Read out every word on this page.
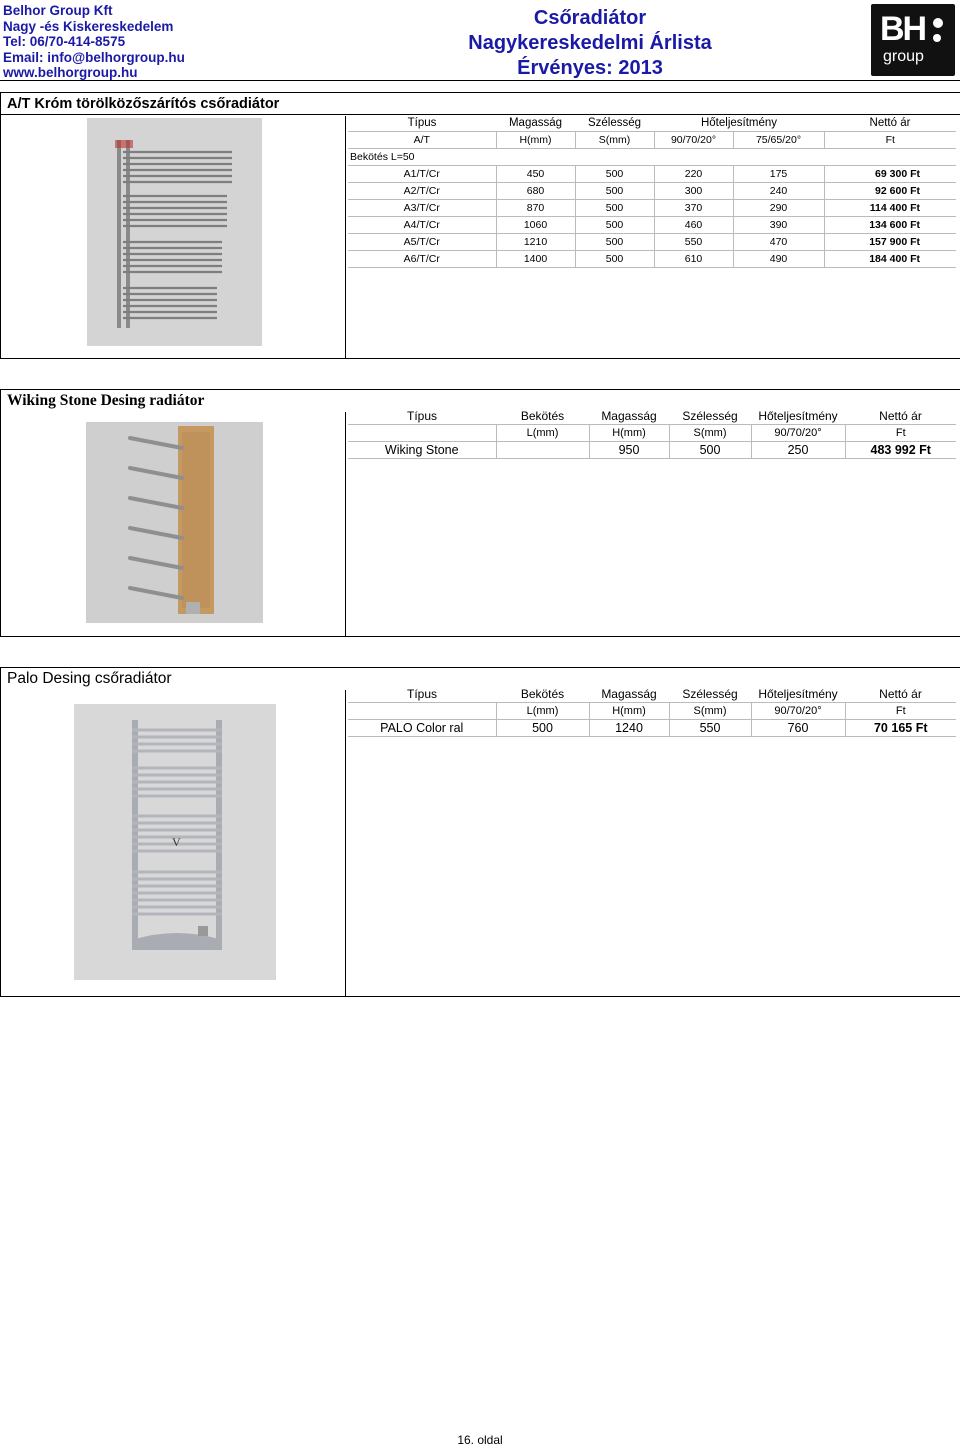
Belhor Group Kft
Nagy -és Kiskereskedelem
Tel: 06/70-414-8575
Email: info@belhorgroup.hu
www.belhorgroup.hu
Csőradiátor
Nagykereskedelmi Árlista
Érvényes: 2013
BH
group
A/T Króm törölközőszárítós csőradiátor
Típus	Magasság	Szélesség	Hőteljesítmény		Nettó ár
A/T	H(mm)	S(mm)	90/70/20°	75/65/20°	Ft
Bekötés L=50					
A1/T/Cr	450	500	220	175	69 300 Ft
A2/T/Cr	680	500	300	240	92 600 Ft
A3/T/Cr	870	500	370	290	114 400 Ft
A4/T/Cr	1060	500	460	390	134 600 Ft
A5/T/Cr	1210	500	550	470	157 900 Ft
A6/T/Cr	1400	500	610	490	184 400 Ft
Wiking Stone Desing radiátor
Típus	Bekötés	Magasság	Szélesség	Hőteljesítmény	Nettó ár
	L(mm)	H(mm)	S(mm)	90/70/20°	Ft
Wiking Stone		950	500	250	483 992 Ft
Palo Desing csőradiátor
V
Típus	Bekötés	Magasság	Szélesség	Hőteljesítmény	Nettó ár
	L(mm)	H(mm)	S(mm)	90/70/20°	Ft
PALO Color ral	500	1240	550	760	70 165 Ft
16. oldal
